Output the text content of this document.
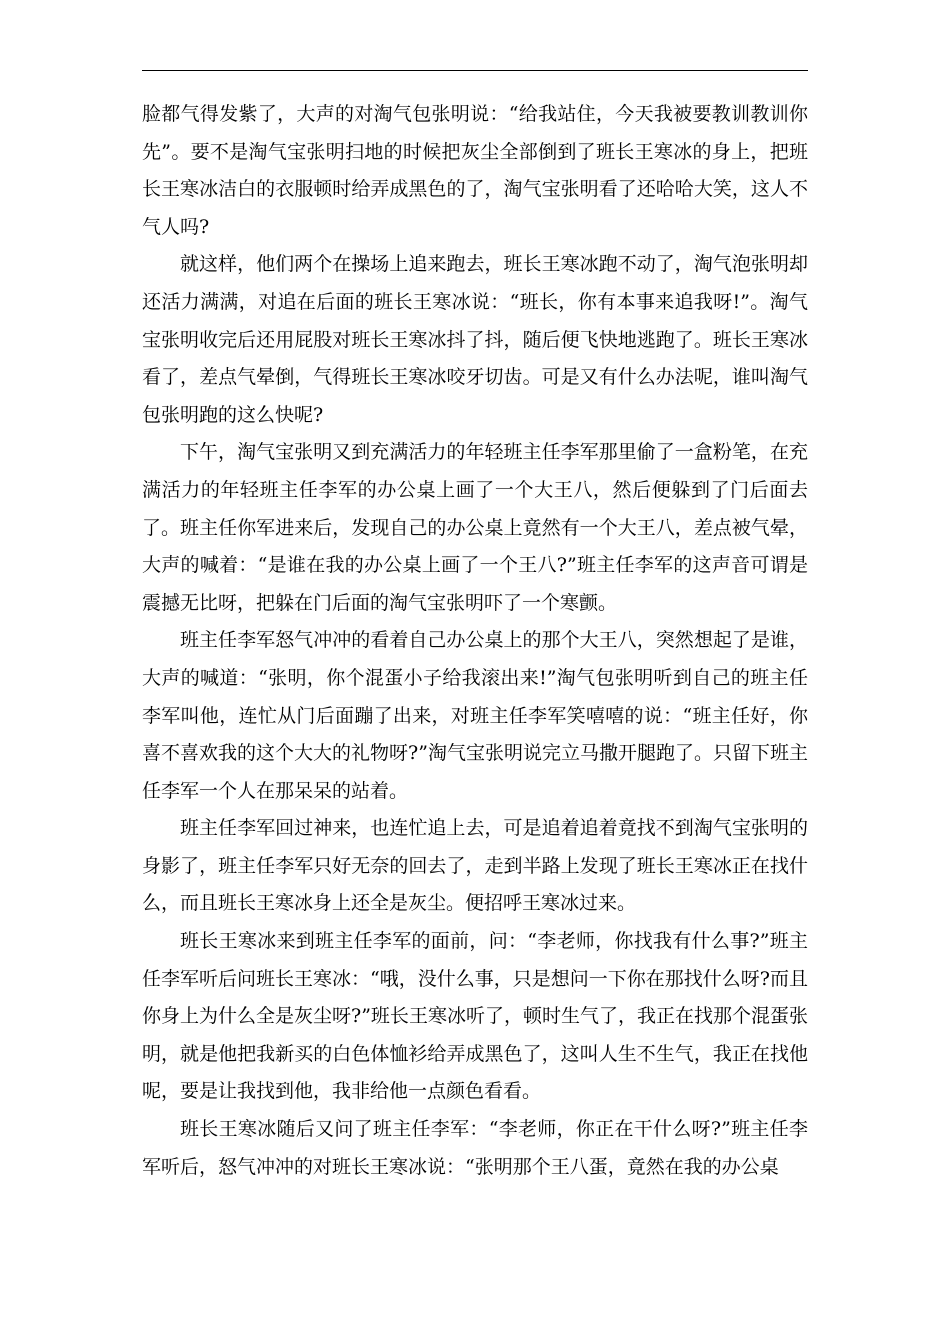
脸都气得发紫了，大声的对淘气包张明说：“给我站住，今天我被要教训教训你先”。要不是淘气宝张明扫地的时候把灰尘全部倒到了班长王寒冰的身上，把班长王寒冰洁白的衣服顿时给弄成黑色的了，淘气宝张明看了还哈哈大笑，这人不气人吗?

就这样，他们两个在操场上追来跑去，班长王寒冰跑不动了，淘气泡张明却还活力满满，对追在后面的班长王寒冰说：“班长，你有本事来追我呀!”。淘气宝张明收完后还用屁股对班长王寒冰抖了抖，随后便飞快地逃跑了。班长王寒冰看了，差点气晕倒，气得班长王寒冰咬牙切齿。可是又有什么办法呢，谁叫淘气包张明跑的这么快呢?

下午，淘气宝张明又到充满活力的年轻班主任李军那里偷了一盒粉笔，在充满活力的年轻班主任李军的办公桌上画了一个大王八，然后便躲到了门后面去了。班主任你军进来后，发现自己的办公桌上竟然有一个大王八，差点被气晕，大声的喊着：“是谁在我的办公桌上画了一个王八?”班主任李军的这声音可谓是震撼无比呀，把躲在门后面的淘气宝张明吓了一个寒颤。

班主任李军怒气冲冲的看着自己办公桌上的那个大王八，突然想起了是谁，大声的喊道：“张明，你个混蛋小子给我滚出来!”淘气包张明听到自己的班主任李军叫他，连忙从门后面蹦了出来，对班主任李军笑嘻嘻的说：“班主任好，你喜不喜欢我的这个大大的礼物呀?”淘气宝张明说完立马撒开腿跑了。只留下班主任李军一个人在那呆呆的站着。

班主任李军回过神来，也连忙追上去，可是追着追着竟找不到淘气宝张明的身影了，班主任李军只好无奈的回去了，走到半路上发现了班长王寒冰正在找什么，而且班长王寒冰身上还全是灰尘。便招呼王寒冰过来。

班长王寒冰来到班主任李军的面前，问：“李老师，你找我有什么事?”班主任李军听后问班长王寒冰：“哦，没什么事，只是想问一下你在那找什么呀?而且你身上为什么全是灰尘呀?”班长王寒冰听了，顿时生气了，我正在找那个混蛋张明，就是他把我新买的白色体恤衫给弄成黑色了，这叫人生不生气，我正在找他呢，要是让我找到他，我非给他一点颜色看看。

班长王寒冰随后又问了班主任李军：“李老师，你正在干什么呀?”班主任李军听后，怒气冲冲的对班长王寒冰说：“张明那个王八蛋，竟然在我的办公桌
